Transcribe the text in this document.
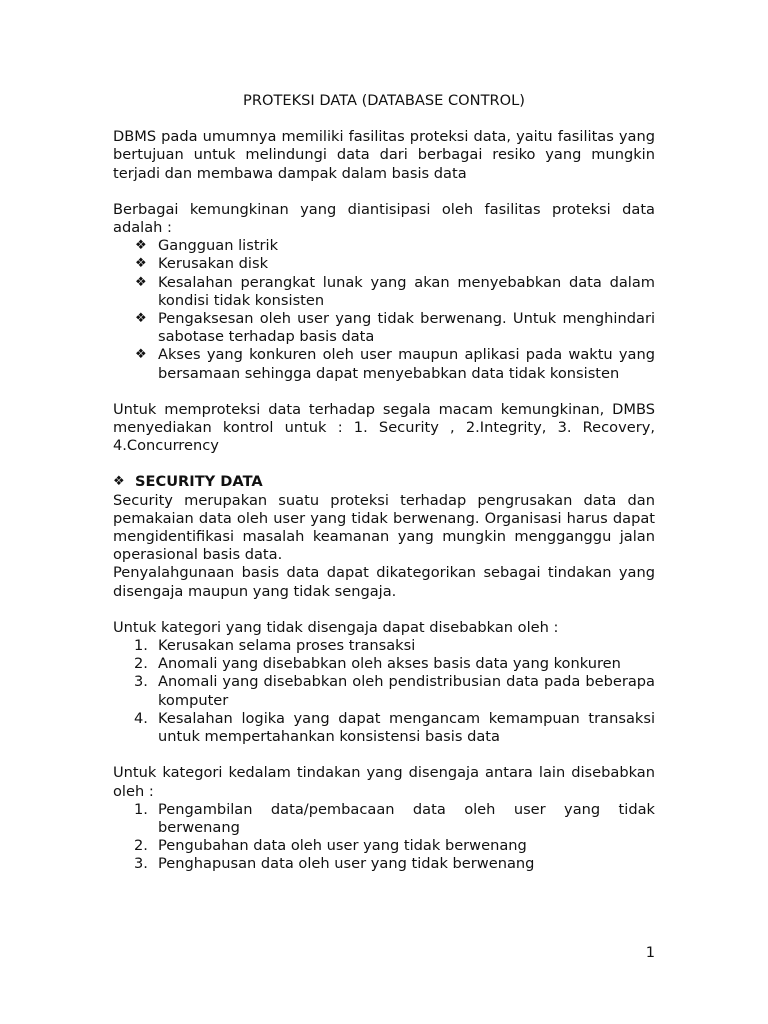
PROTEKSI DATA (DATABASE CONTROL)

DBMS pada umumnya memiliki fasilitas proteksi data, yaitu fasilitas yang bertujuan untuk melindungi data dari berbagai resiko yang mungkin terjadi dan membawa dampak dalam basis data

Berbagai kemungkinan yang diantisipasi oleh fasilitas proteksi data adalah :

❖ Gangguan listrik
❖ Kerusakan disk
❖ Kesalahan perangkat lunak yang akan menyebabkan data dalam kondisi tidak konsisten
❖ Pengaksesan oleh user yang tidak berwenang. Untuk menghindari sabotase terhadap basis data
❖ Akses yang konkuren oleh user maupun aplikasi pada waktu yang bersamaan sehingga dapat menyebabkan data tidak konsisten

Untuk memproteksi data terhadap segala macam kemungkinan, DMBS menyediakan kontrol untuk : 1. Security , 2.Integrity, 3. Recovery, 4.Concurrency

❖ SECURITY DATA

Security merupakan suatu proteksi terhadap pengrusakan data dan pemakaian data oleh user yang tidak berwenang. Organisasi harus dapat mengidentifikasi masalah keamanan yang mungkin mengganggu jalan operasional basis data.

Penyalahgunaan basis data dapat dikategorikan sebagai tindakan yang disengaja maupun yang tidak sengaja.

Untuk kategori yang tidak disengaja dapat disebabkan oleh :

1. Kerusakan selama proses transaksi
2. Anomali yang disebabkan oleh akses basis data yang konkuren
3. Anomali yang disebabkan oleh pendistribusian data pada beberapa komputer
4. Kesalahan logika yang dapat mengancam kemampuan transaksi untuk mempertahankan konsistensi basis data

Untuk kategori kedalam tindakan yang disengaja antara lain disebabkan oleh :

1. Pengambilan data/pembacaan data oleh user yang tidak berwenang
2. Pengubahan data oleh user yang tidak berwenang
3. Penghapusan data oleh user yang tidak berwenang
1
